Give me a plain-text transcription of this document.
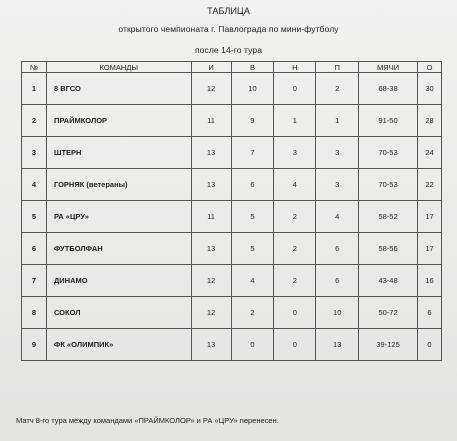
ТАБЛИЦА
открытого чемпионата г. Павлограда по мини-футболу
после 14-го тура
№	КОМАНДЫ	И	В	Н	П	МЯЧИ	О
1	8 ВГСО	12	10	0	2	68-38	30
2	ПРАЙМКОЛОР	11	9	1	1	91-50	28
3	ШТЕРН	13	7	3	3	70-53	24
4	ГОРНЯК (ветераны)	13	6	4	3	70-53	22
5	РА «ЦРУ»	11	5	2	4	58-52	17
6	ФУТБОЛФАН	13	5	2	6	58-56	17
7	ДИНАМО	12	4	2	6	43-48	16
8	СОКОЛ	12	2	0	10	50-72	6
9	ФК «ОЛИМПИК»	13	0	0	13	39-125	0
Матч 8-го тура между командами «ПРАЙМКОЛОР» и РА «ЦРУ» перенесен.
